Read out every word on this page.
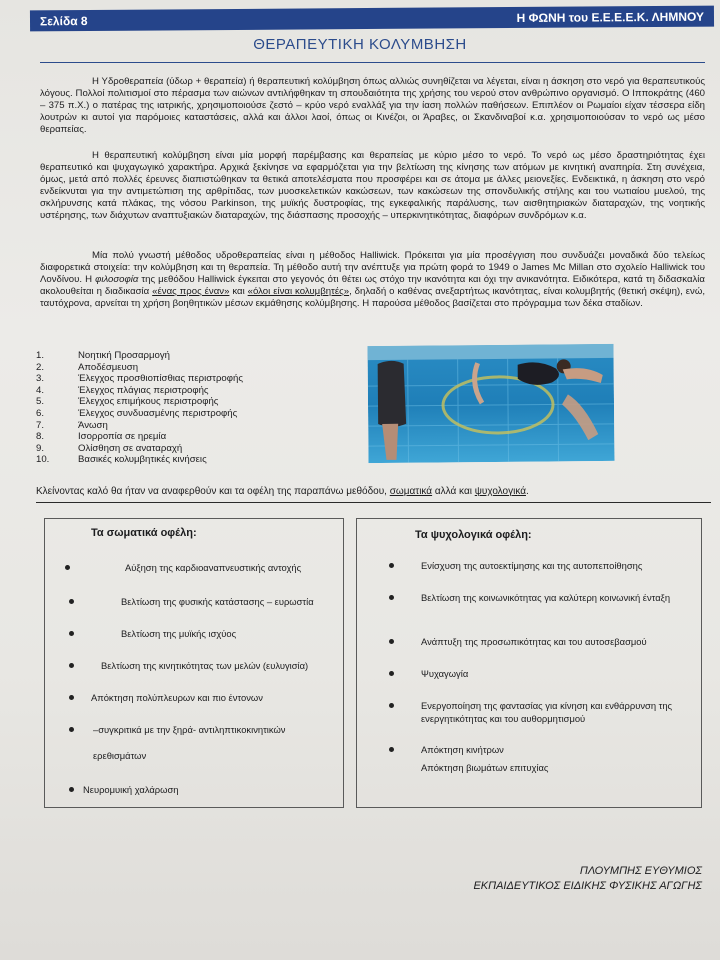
Σελίδα 8	Η ΦΩΝΗ του Ε.Ε.Ε.Ε.Κ. ΛΗΜΝΟΥ
ΘΕΡΑΠΕΥΤΙΚΗ ΚΟΛΥΜΒΗΣΗ

Η Υδροθεραπεία (ύδωρ + θεραπεία) ή θεραπευτική κολύμβηση όπως αλλιώς συνηθίζεται να λέγεται, είναι η άσκηση στο νερό για θεραπευτικούς λόγους. Πολλοί πολιτισμοί στο πέρασμα των αιώνων αντιλήφθηκαν τη σπουδαιότητα της χρήσης του νερού στον ανθρώπινο οργανισμό. Ο Ιπποκράτης (460 – 375 π.Χ.) ο πατέρας της ιατρικής, χρησιμοποιούσε ζεστό – κρύο νερό εναλλάξ για την ίαση πολλών παθήσεων. Επιπλέον οι Ρωμαίοι είχαν τέσσερα είδη λουτρών κι αυτοί για παρόμοιες καταστάσεις, αλλά και άλλοι λαοί, όπως οι Κινέζοι, οι Άραβες, οι Σκανδιναβοί κ.α. χρησιμοποιούσαν το νερό ως μέσο θεραπείας.

Η θεραπευτική κολύμβηση είναι μία μορφή παρέμβασης και θεραπείας με κύριο μέσο το νερό. Το νερό ως μέσο δραστηριότητας έχει θεραπευτικό και ψυχαγωγικό χαρακτήρα. Αρχικά ξεκίνησε να εφαρμόζεται για την βελτίωση της κίνησης των ατόμων με κινητική αναπηρία. Στη συνέχεια, όμως, μετά από πολλές έρευνες διαπιστώθηκαν τα θετικά αποτελέσματα που προσφέρει και σε άτομα με άλλες μειονεξίες. Ενδεικτικά, η άσκηση στο νερό ενδείκνυται για την αντιμετώπιση της αρθρίτιδας, των μυοσκελετικών κακώσεων, των κακώσεων της σπονδυλικής στήλης και του νωτιαίου μυελού, της σκλήρυνσης κατά πλάκας, της νόσου Parkinson, της μυϊκής δυστροφίας, της εγκεφαλικής παράλυσης, των αισθητηριακών διαταραχών, της νοητικής υστέρησης, των διάχυτων αναπτυξιακών διαταραχών, της διάσπασης προσοχής – υπερκινητικότητας, διαφόρων συνδρόμων κ.α.

Μία πολύ γνωστή μέθοδος υδροθεραπείας είναι η μέθοδος Halliwick. Πρόκειται για μία προσέγγιση που συνδυάζει μοναδικά δύο τελείως διαφορετικά στοιχεία: την κολύμβηση και τη θεραπεία. Τη μέθοδο αυτή την ανέπτυξε για πρώτη φορά το 1949 ο James Mc Millan στο σχολείο Halliwick του Λονδίνου. Η φιλοσοφία της μεθόδου Halliwick έγκειται στο γεγονός ότι θέτει ως στόχο την ικανότητα και όχι την ανικανότητα. Ειδικότερα, κατά τη διδασκαλία ακολουθείται η διαδικασία «ένας προς έναν» και «όλοι είναι κολυμβητές», δηλαδή ο καθένας ανεξαρτήτως ικανότητας, είναι κολυμβητής (θετική σκέψη), ενώ, ταυτόχρονα, αρνείται τη χρήση βοηθητικών μέσων εκμάθησης κολύμβησης. Η παρούσα μέθοδος βασίζεται στο πρόγραμμα των δέκα σταδίων.

1.	Νοητική Προσαρμογή
2.	Αποδέσμευση
3.	Έλεγχος προσθιοπίσθιας περιστροφής
4.	Έλεγχος πλάγιας περιστροφής
5.	Έλεγχος επιμήκους περιστροφής
6.	Έλεγχος συνδυασμένης περιστροφής
7.	Άνωση
8.	Ισορροπία σε ηρεμία
9.	Ολίσθηση σε αναταραχή
10.	Βασικές κολυμβητικές κινήσεις
Κλείνοντας καλό θα ήταν να αναφερθούν και τα οφέλη της παραπάνω μεθόδου, σωματικά αλλά και ψυχολογικά.
Τα σωματικά οφέλη:
Αύξηση της καρδιοαναπνευστικής αντοχής
Βελτίωση της φυσικής κατάστασης – ευρωστία
Βελτίωση της μυϊκής ισχύος
Βελτίωση της κινητικότητας των μελών (ευλυγισία)
Απόκτηση πολύπλευρων και πιο έντονων
–συγκριτικά με την ξηρά- αντιληπτικοκινητικών
ερεθισμάτων
Νευρομυική χαλάρωση
Τα ψυχολογικά οφέλη:
Ενίσχυση της αυτοεκτίμησης και της αυτοπεποίθησης
Βελτίωση της κοινωνικότητας για καλύτερη κοινωνική ένταξη
Ανάπτυξη της προσωπικότητας και του αυτοσεβασμού
Ψυχαγωγία
Ενεργοποίηση της φαντασίας για κίνηση και ενθάρρυνση της ενεργητικότητας και του αυθορμητισμού
Απόκτηση κινήτρων
Απόκτηση βιωμάτων επιτυχίας
ΠΛΟΥΜΠΗΣ ΕΥΘΥΜΙΟΣ
ΕΚΠΑΙΔΕΥΤΙΚΟΣ ΕΙΔΙΚΗΣ ΦΥΣΙΚΗΣ ΑΓΩΓΗΣ
